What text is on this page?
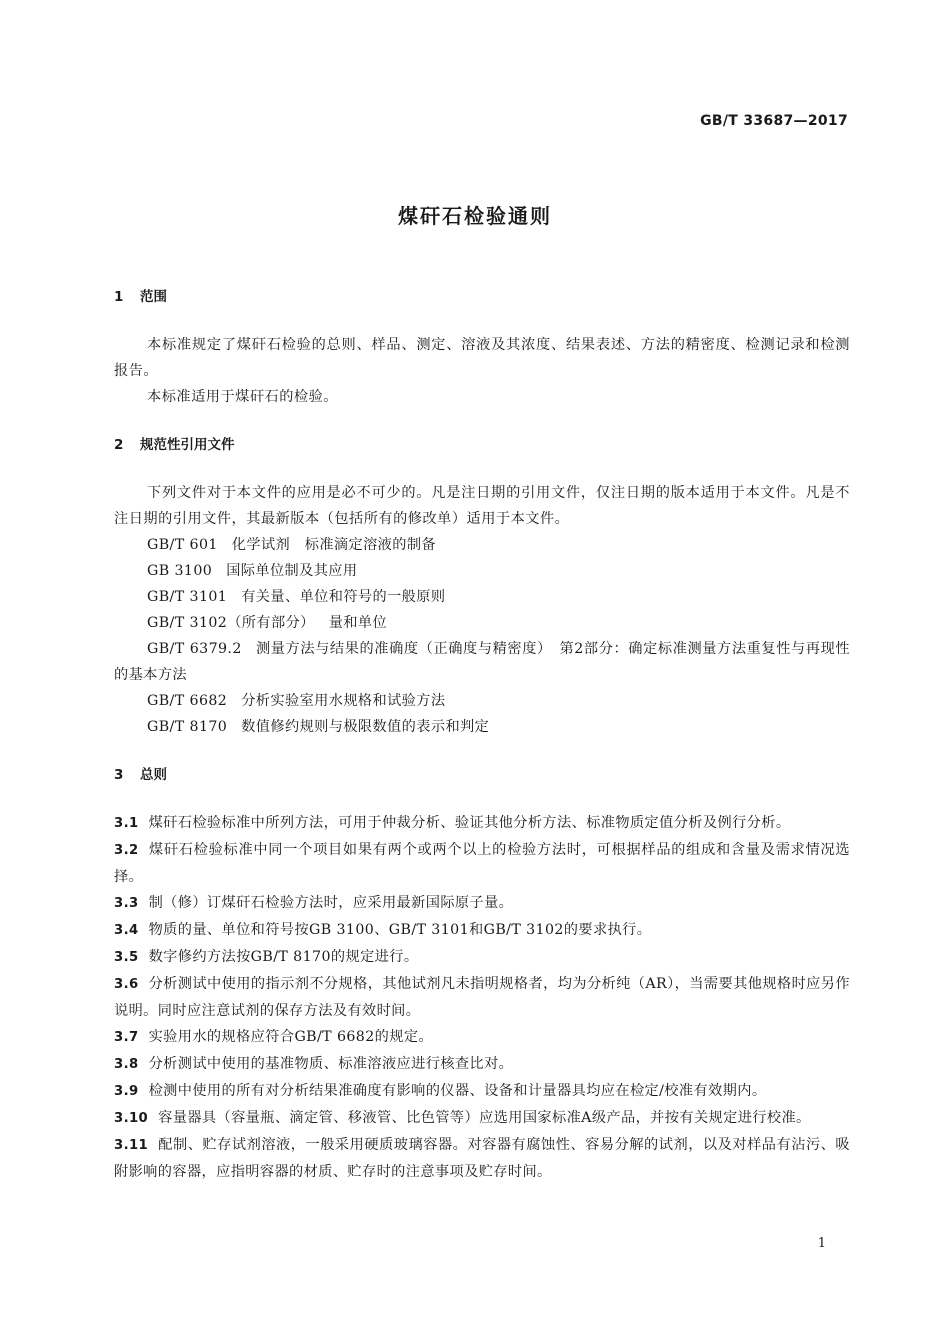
GB/T 33687—2017
煤矸石检验通则
1 范围

本标准规定了煤矸石检验的总则、样品、测定、溶液及其浓度、结果表述、方法的精密度、检测记录和检测报告。

本标准适用于煤矸石的检验。

2 规范性引用文件

下列文件对于本文件的应用是必不可少的。凡是注日期的引用文件，仅注日期的版本适用于本文件。凡是不注日期的引用文件，其最新版本（包括所有的修改单）适用于本文件。

GB/T 601 化学试剂　标准滴定溶液的制备

GB 3100 国际单位制及其应用

GB/T 3101 有关量、单位和符号的一般原则

GB/T 3102（所有部分） 量和单位

GB/T 6379.2 测量方法与结果的准确度（正确度与精密度）　第2部分：确定标准测量方法重复性与再现性的基本方法

GB/T 6682 分析实验室用水规格和试验方法

GB/T 8170 数值修约规则与极限数值的表示和判定

3 总则

3.1 煤矸石检验标准中所列方法，可用于仲裁分析、验证其他分析方法、标准物质定值分析及例行分析。

3.2 煤矸石检验标准中同一个项目如果有两个或两个以上的检验方法时，可根据样品的组成和含量及需求情况选择。

3.3 制（修）订煤矸石检验方法时，应采用最新国际原子量。

3.4 物质的量、单位和符号按GB 3100、GB/T 3101和GB/T 3102的要求执行。

3.5 数字修约方法按GB/T 8170的规定进行。

3.6 分析测试中使用的指示剂不分规格，其他试剂凡未指明规格者，均为分析纯（AR），当需要其他规格时应另作说明。同时应注意试剂的保存方法及有效时间。

3.7 实验用水的规格应符合GB/T 6682的规定。

3.8 分析测试中使用的基准物质、标准溶液应进行核查比对。

3.9 检测中使用的所有对分析结果准确度有影响的仪器、设备和计量器具均应在检定/校准有效期内。

3.10 容量器具（容量瓶、滴定管、移液管、比色管等）应选用国家标准A级产品，并按有关规定进行校准。

3.11 配制、贮存试剂溶液，一般采用硬质玻璃容器。对容器有腐蚀性、容易分解的试剂，以及对样品有沾污、吸附影响的容器，应指明容器的材质、贮存时的注意事项及贮存时间。

1
